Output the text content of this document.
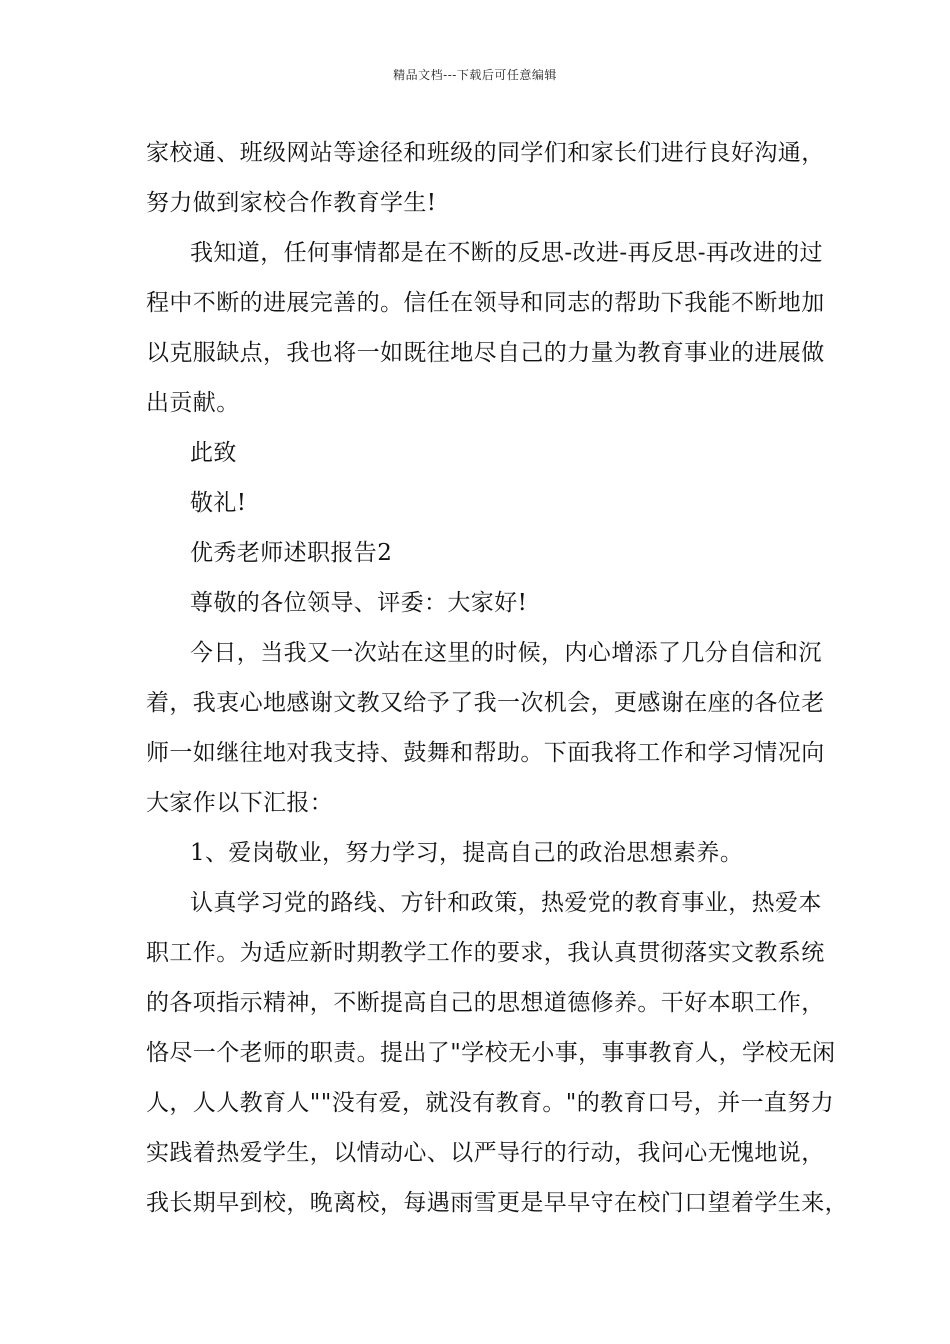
精品文档---下载后可任意编辑

家校通、班级网站等途径和班级的同学们和家长们进行良好沟通，

努力做到家校合作教育学生!

我知道，任何事情都是在不断的反思-改进-再反思-再改进的过

程中不断的进展完善的。信任在领导和同志的帮助下我能不断地加

以克服缺点，我也将一如既往地尽自己的力量为教育事业的进展做

出贡献。

此致

敬礼!

优秀老师述职报告2

尊敬的各位领导、评委：大家好!

今日，当我又一次站在这里的时候，内心增添了几分自信和沉

着，我衷心地感谢文教又给予了我一次机会，更感谢在座的各位老

师一如继往地对我支持、鼓舞和帮助。下面我将工作和学习情况向

大家作以下汇报：

1、爱岗敬业，努力学习，提高自己的政治思想素养。

认真学习党的路线、方针和政策，热爱党的教育事业，热爱本

职工作。为适应新时期教学工作的要求，我认真贯彻落实文教系统

的各项指示精神，不断提高自己的思想道德修养。干好本职工作，

恪尽一个老师的职责。提出了"学校无小事，事事教育人，学校无闲

人，人人教育人""没有爱，就没有教育。"的教育口号，并一直努力

实践着热爱学生，以情动心、以严导行的行动，我问心无愧地说，

我长期早到校，晚离校，每遇雨雪更是早早守在校门口望着学生来，
